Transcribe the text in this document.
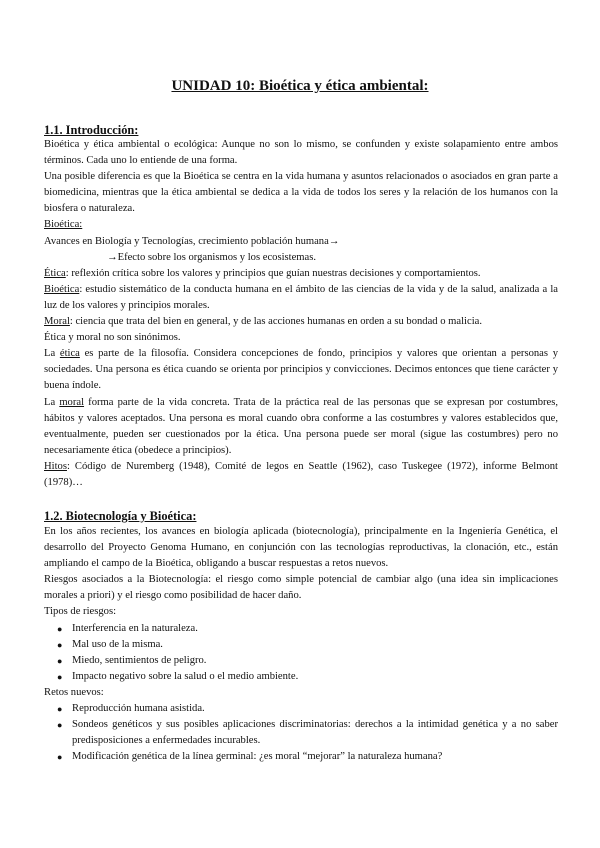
UNIDAD 10: Bioética y ética ambiental:
1.1. Introducción:

Bioética y ética ambiental o ecológica: Aunque no son lo mismo, se confunden y existe solapamiento entre ambos términos. Cada uno lo entiende de una forma.

Una posible diferencia es que la Bioética se centra en la vida humana y asuntos relacionados o asociados en gran parte a biomedicina, mientras que la ética ambiental se dedica a la vida de todos los seres y la relación de los humanos con la biosfera o naturaleza.

Bioética:

Avances en Biología y Tecnologías, crecimiento población humana→

→Efecto sobre los organismos y los ecosistemas.

Ética: reflexión crítica sobre los valores y principios que guían nuestras decisiones y comportamientos.

Bioética: estudio sistemático de la conducta humana en el ámbito de las ciencias de la vida y de la salud, analizada a la luz de los valores y principios morales.

Moral: ciencia que trata del bien en general, y de las acciones humanas en orden a su bondad o malicia.

Ética y moral no son sinónimos.

La ética es parte de la filosofía. Considera concepciones de fondo, principios y valores que orientan a personas y sociedades. Una persona es ética cuando se orienta por principios y convicciones. Decimos entonces que tiene carácter y buena índole.

La moral forma parte de la vida concreta. Trata de la práctica real de las personas que se expresan por costumbres, hábitos y valores aceptados. Una persona es moral cuando obra conforme a las costumbres y valores establecidos que, eventualmente, pueden ser cuestionados por la ética. Una persona puede ser moral (sigue las costumbres) pero no necesariamente ética (obedece a principios).

Hitos: Código de Nuremberg (1948), Comité de legos en Seattle (1962), caso Tuskegee (1972), informe Belmont (1978)…

1.2. Biotecnología y Bioética:

En los años recientes, los avances en biología aplicada (biotecnología), principalmente en la Ingeniería Genética, el desarrollo del Proyecto Genoma Humano, en conjunción con las tecnologías reproductivas, la clonación, etc., están ampliando el campo de la Bioética, obligando a buscar respuestas a retos nuevos.

Riesgos asociados a la Biotecnología: el riesgo como simple potencial de cambiar algo (una idea sin implicaciones morales a priori) y el riesgo como posibilidad de hacer daño.

Tipos de riesgos:

● Interferencia en la naturaleza.
● Mal uso de la misma.
● Miedo, sentimientos de peligro.
● Impacto negativo sobre la salud o el medio ambiente.

Retos nuevos:

● Reproducción humana asistida.
● Sondeos genéticos y sus posibles aplicaciones discriminatorias: derechos a la intimidad genética y a no saber predisposiciones a enfermedades incurables.
● Modificación genética de la línea germinal: ¿es moral “mejorar” la naturaleza humana?
